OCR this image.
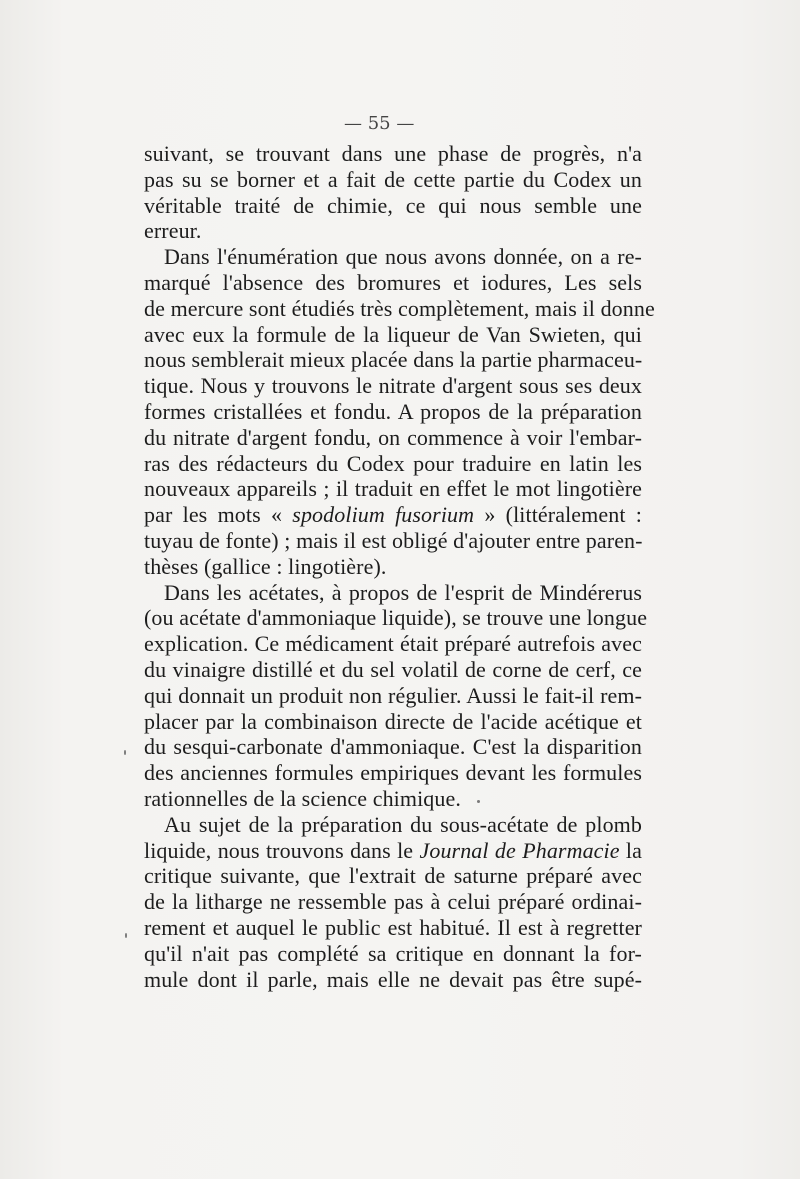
— 55 —
suivant, se trouvant dans une phase de progrès, n'a
pas su se borner et a fait de cette partie du Codex un
véritable traité de chimie, ce qui nous semble une
erreur.
Dans l'énumération que nous avons donnée, on a re-
marqué l'absence des bromures et iodures, Les sels
de mercure sont étudiés très complètement, mais il donne
avec eux la formule de la liqueur de Van Swieten, qui
nous semblerait mieux placée dans la partie pharmaceu-
tique. Nous y trouvons le nitrate d'argent sous ses deux
formes cristallées et fondu. A propos de la préparation
du nitrate d'argent fondu, on commence à voir l'embar-
ras des rédacteurs du Codex pour traduire en latin les
nouveaux appareils ; il traduit en effet le mot lingotière
par les mots « spodolium fusorium » (littéralement :
tuyau de fonte) ; mais il est obligé d'ajouter entre paren-
thèses (gallice : lingotière).
Dans les acétates, à propos de l'esprit de Mindérerus
(ou acétate d'ammoniaque liquide), se trouve une longue
explication. Ce médicament était préparé autrefois avec
du vinaigre distillé et du sel volatil de corne de cerf, ce
qui donnait un produit non régulier. Aussi le fait-il rem-
placer par la combinaison directe de l'acide acétique et
du sesqui-carbonate d'ammoniaque. C'est la disparition
des anciennes formules empiriques devant les formules
rationnelles de la science chimique.
Au sujet de la préparation du sous-acétate de plomb
liquide, nous trouvons dans le Journal de Pharmacie la
critique suivante, que l'extrait de saturne préparé avec
de la litharge ne ressemble pas à celui préparé ordinai-
rement et auquel le public est habitué. Il est à regretter
qu'il n'ait pas complété sa critique en donnant la for-
mule dont il parle, mais elle ne devait pas être supé-
